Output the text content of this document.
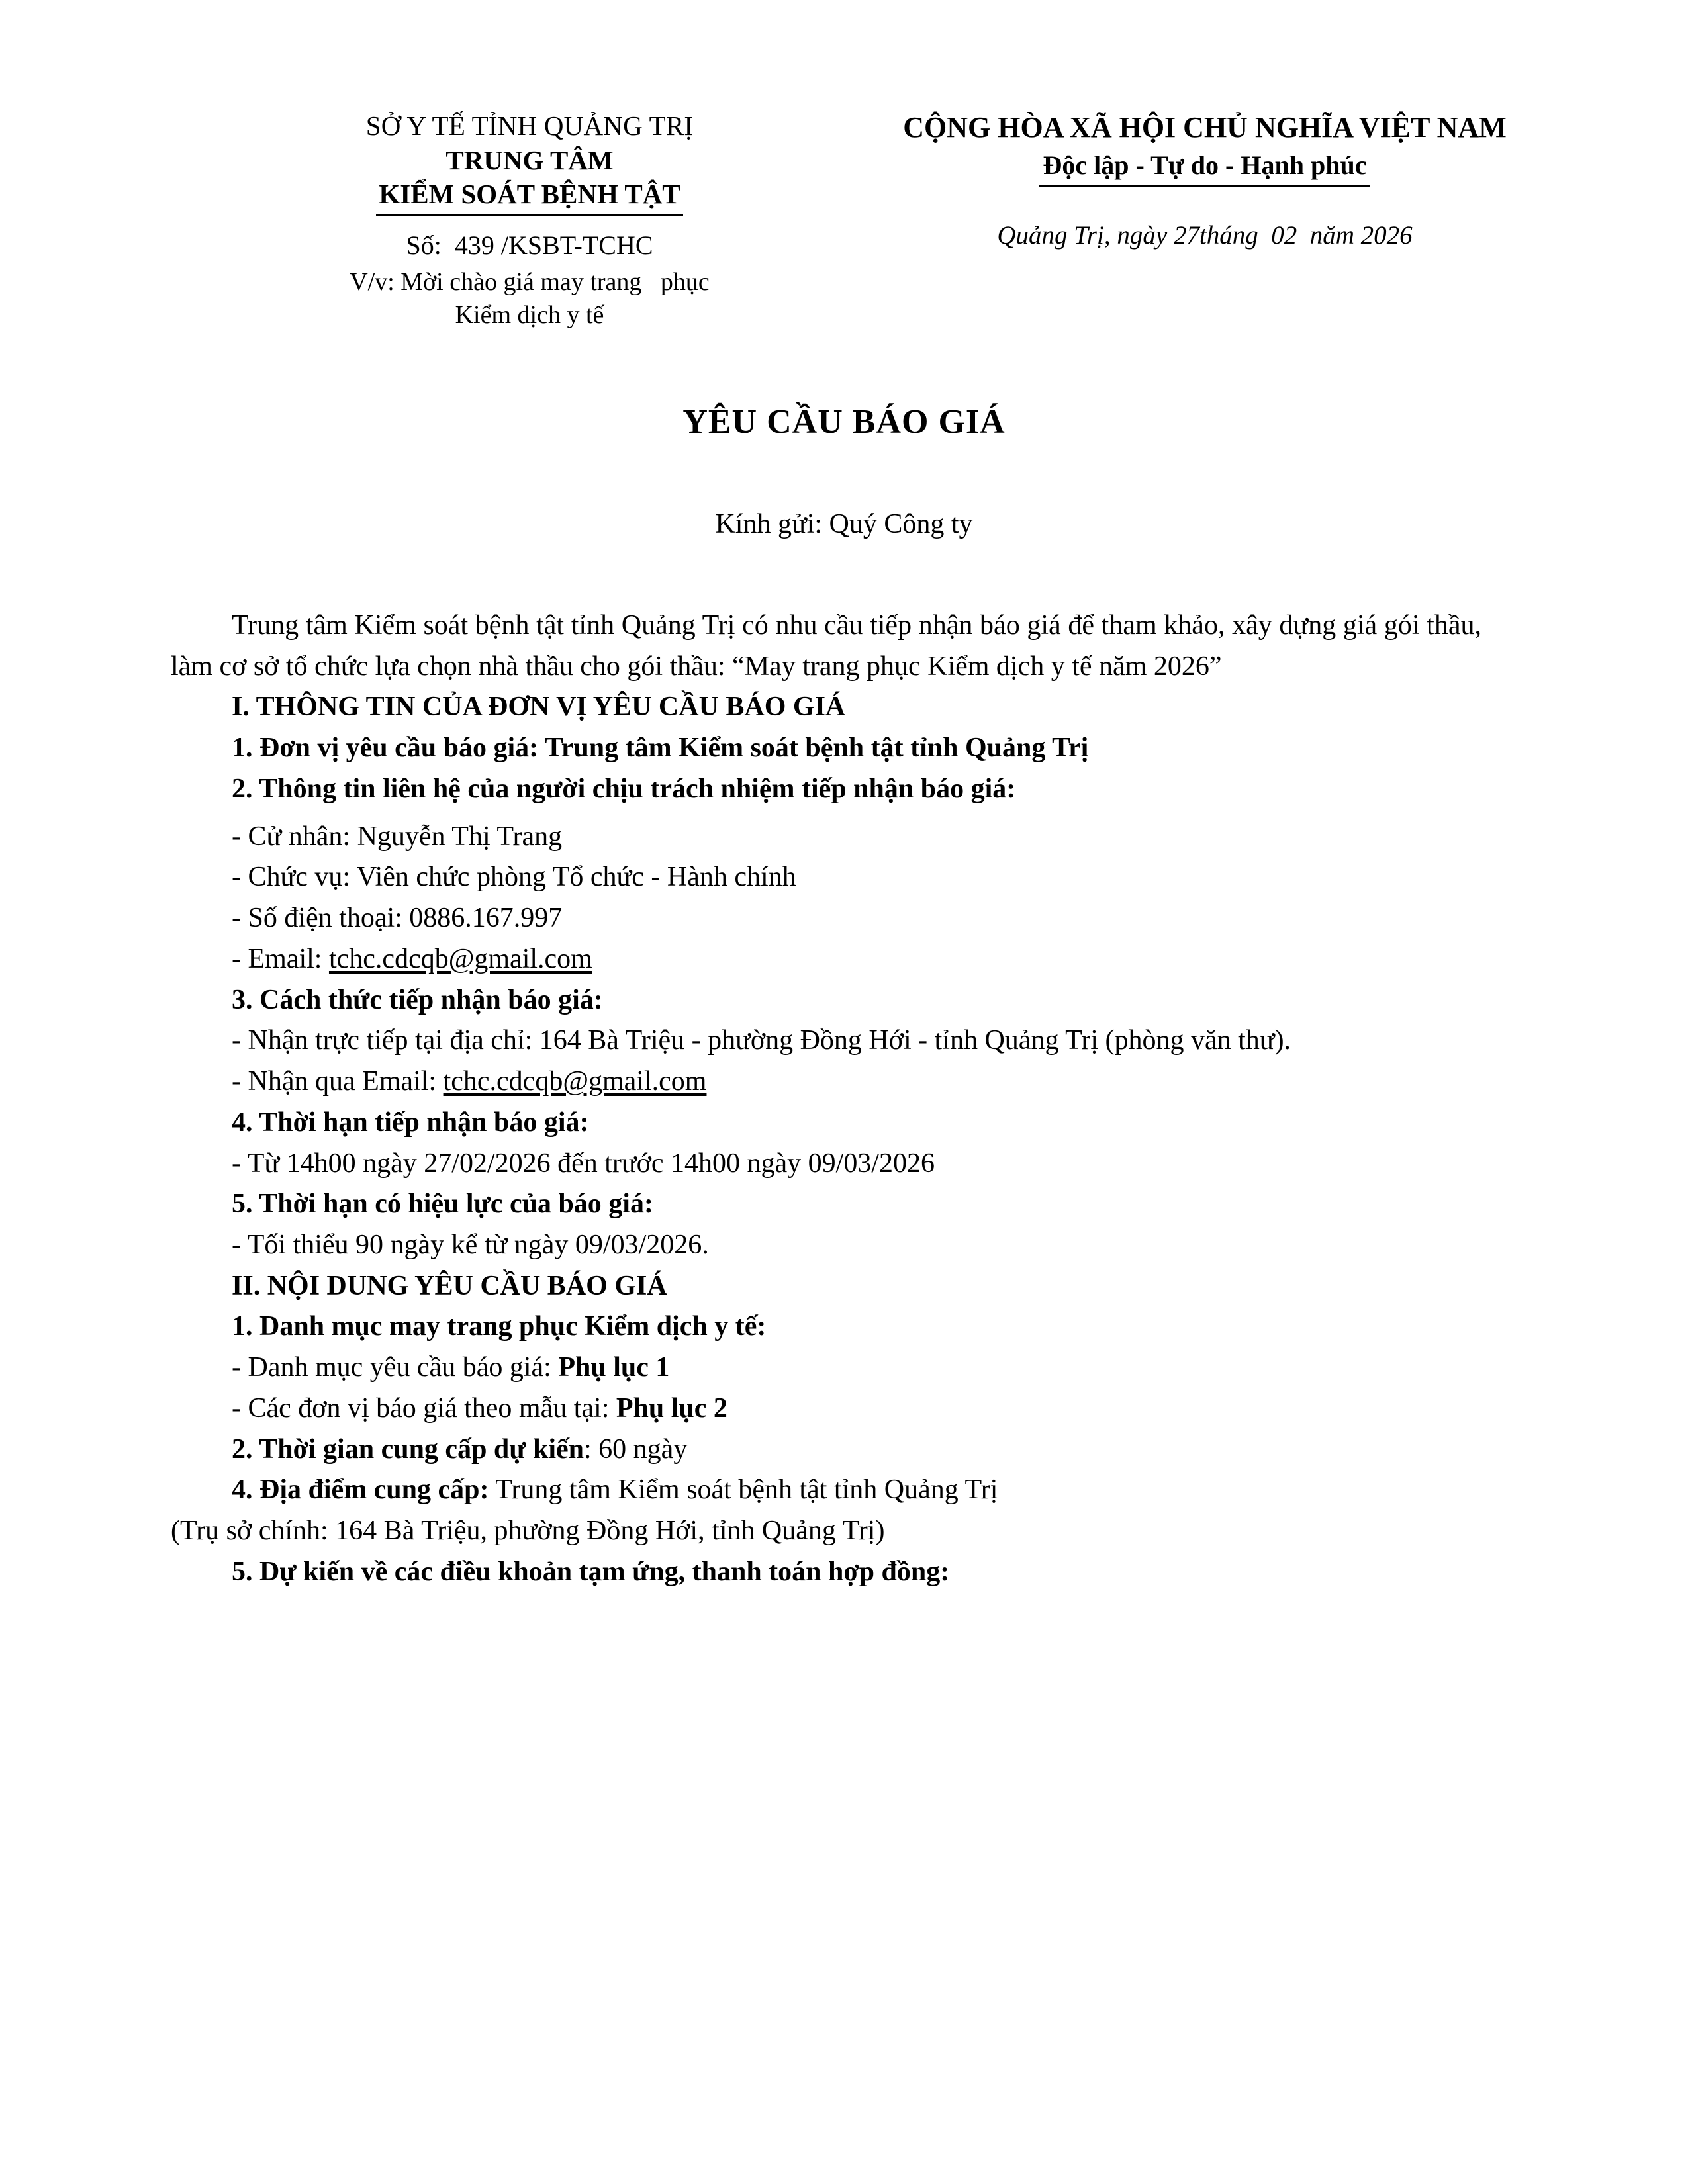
SỞ Y TẾ TỈNH QUẢNG TRỊ
TRUNG TÂM
KIỂM SOÁT BỆNH TẬT
Số:  439 /KSBT-TCHC
V/v: Mời chào giá may trang   phục
Kiểm dịch y tế
CỘNG HÒA XÃ HỘI CHỦ NGHĨA VIỆT NAM
Độc lập - Tự do - Hạnh phúc
Quảng Trị, ngày 27tháng  02  năm 2026
YÊU CẦU BÁO GIÁ
Kính gửi: Quý Công ty

Trung tâm Kiểm soát bệnh tật tỉnh Quảng Trị có nhu cầu tiếp nhận báo giá để tham khảo, xây dựng giá gói thầu, làm cơ sở tổ chức lựa chọn nhà thầu cho gói thầu: “May trang phục Kiểm dịch y tế năm 2026”

I. THÔNG TIN CỦA ĐƠN VỊ YÊU CẦU BÁO GIÁ

1. Đơn vị yêu cầu báo giá: Trung tâm Kiểm soát bệnh tật tỉnh Quảng Trị

2. Thông tin liên hệ của người chịu trách nhiệm tiếp nhận báo giá:

- Cử nhân: Nguyễn Thị Trang

- Chức vụ: Viên chức phòng Tổ chức - Hành chính

- Số điện thoại: 0886.167.997

- Email: tchc.cdcqb@gmail.com

3. Cách thức tiếp nhận báo giá:

- Nhận trực tiếp tại địa chỉ: 164 Bà Triệu - phường Đồng Hới - tỉnh Quảng Trị (phòng văn thư).

- Nhận qua Email: tchc.cdcqb@gmail.com

4. Thời hạn tiếp nhận báo giá:

- Từ 14h00 ngày 27/02/2026 đến trước 14h00 ngày 09/03/2026

5. Thời hạn có hiệu lực của báo giá:

- Tối thiểu 90 ngày kể từ ngày 09/03/2026.

II. NỘI DUNG YÊU CẦU BÁO GIÁ

1. Danh mục may trang phục Kiểm dịch y tế:

- Danh mục yêu cầu báo giá: Phụ lục 1

- Các đơn vị báo giá theo mẫu tại: Phụ lục 2

2. Thời gian cung cấp dự kiến: 60 ngày

4. Địa điểm cung cấp: Trung tâm Kiểm soát bệnh tật tỉnh Quảng Trị

(Trụ sở chính: 164 Bà Triệu, phường Đồng Hới, tỉnh Quảng Trị)

5. Dự kiến về các điều khoản tạm ứng, thanh toán hợp đồng:
